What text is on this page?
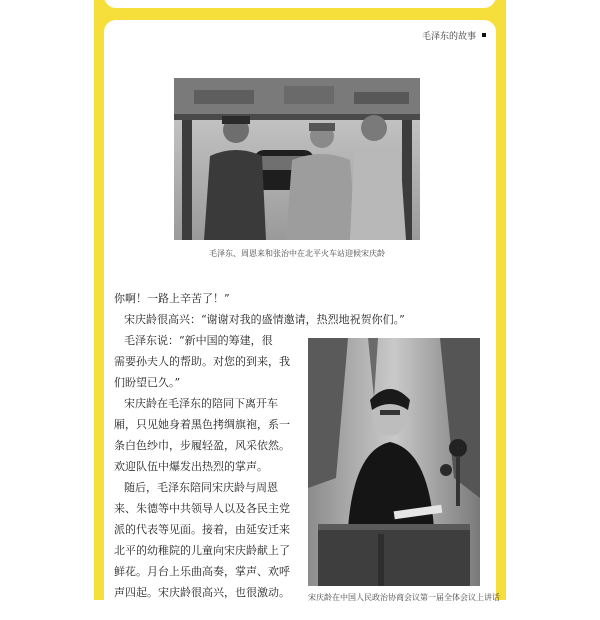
毛泽东的故事
毛泽东、周恩来和张治中在北平火车站迎候宋庆龄
你啊！一路上辛苦了！”
宋庆龄很高兴：“谢谢对我的盛情邀请，热烈地祝贺你们。”
毛泽东说：“新中国的筹建，很
需要孙夫人的帮助。对您的到来，我
们盼望已久。”
宋庆龄在毛泽东的陪同下离开车
厢，只见她身着黑色拷绸旗袍，系一
条白色纱巾，步履轻盈，风采依然。
欢迎队伍中爆发出热烈的掌声。
随后，毛泽东陪同宋庆龄与周恩
来、朱德等中共领导人以及各民主党
派的代表等见面。接着，由延安迁来
北平的幼稚院的儿童向宋庆龄献上了
鲜花。月台上乐曲高奏，掌声、欢呼
声四起。宋庆龄很高兴，也很激动。 宋庆龄在中国人民政治协商会议第一届全体会议上讲话
